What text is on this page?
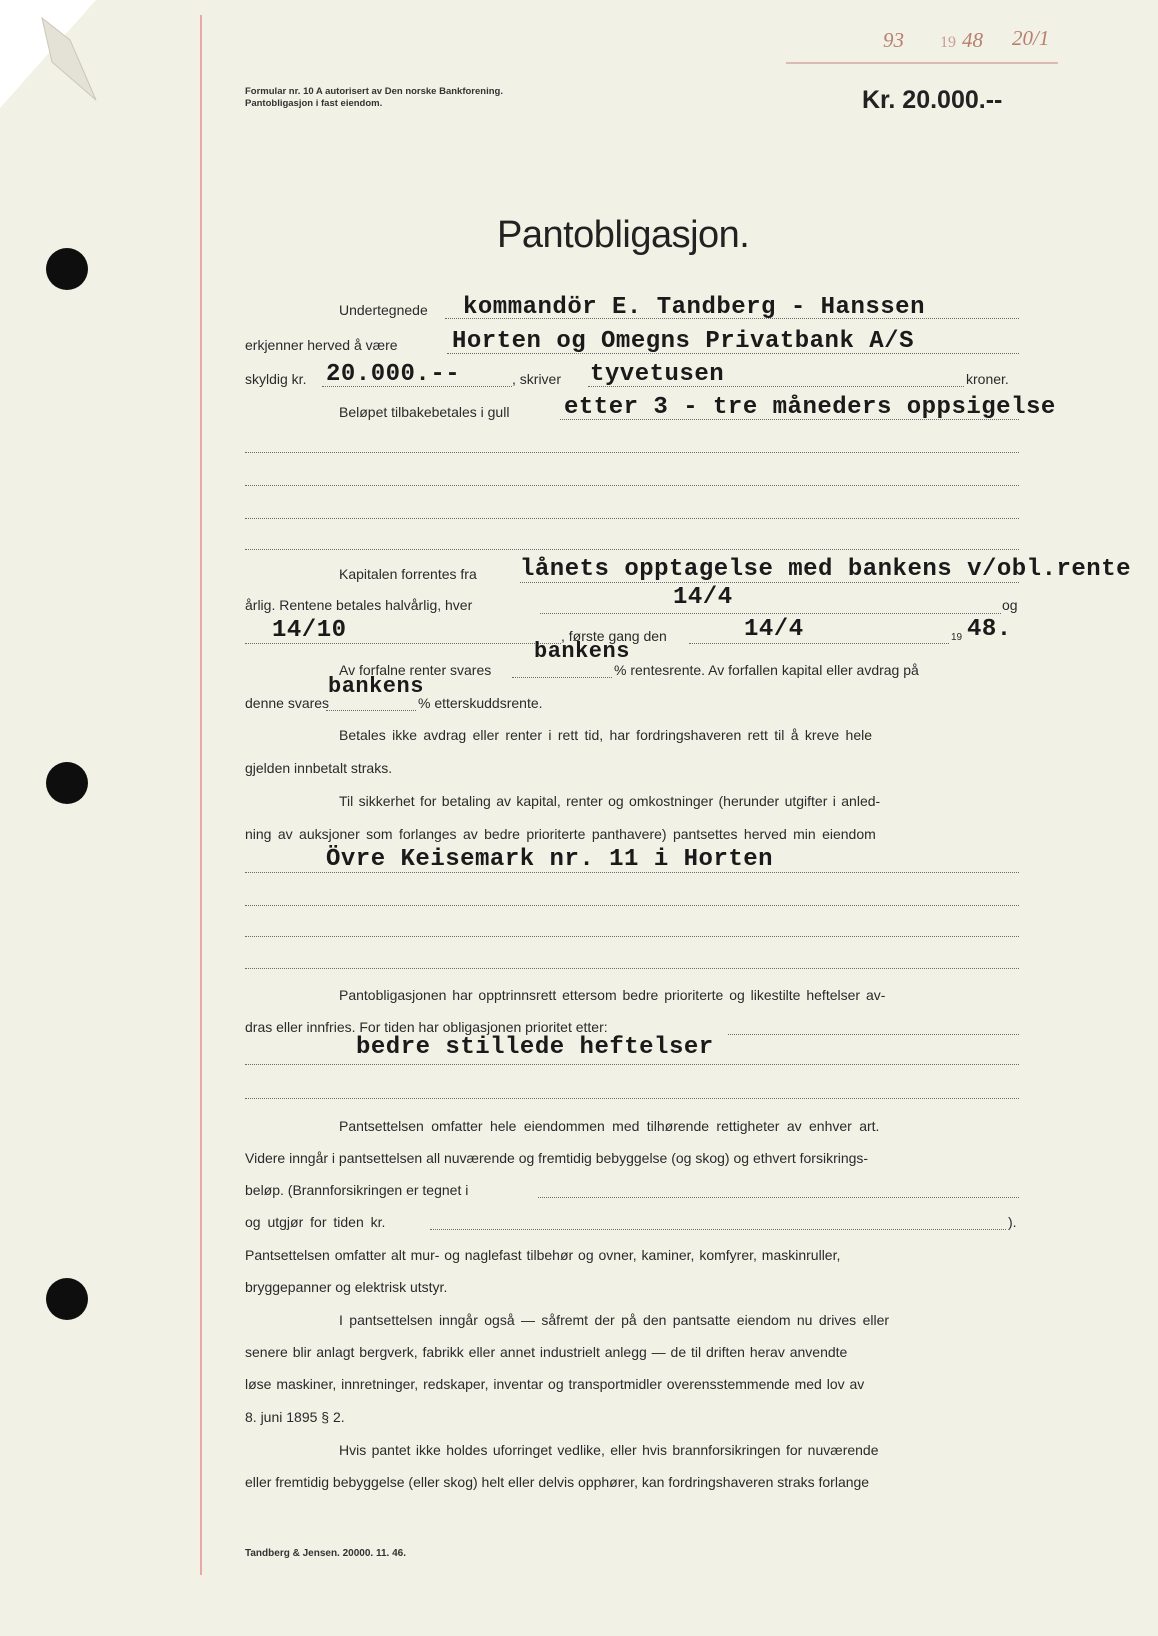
Formular nr. 10 A autorisert av Den norske Bankforening.
Pantobligasjon i fast eiendom.	Kr. 20.000.--
93 19 48 20/1
Pantobligasjon.
Undertegnede kommandör E. Tandberg - Hanssen
erkjenner herved å være Horten og Omegns Privatbank A/S
skyldig kr. 20.000.--	, skriver tyvetusen	kroner.
Beløpet tilbakebetales i gull etter 3 - tre måneders oppsigelse
Kapitalen forrentes fra lånets opptagelse med bankens v/obl.rente
årlig. Rentene betales halvårlig, hver	14/4	og
14/10	, første gang den	14/4	19 48.
bankens
Av forfalne renter svares	% rentesrente. Av forfallen kapital eller avdrag på
bankens
denne svares	% etterskuddsrente.
Betales ikke avdrag eller renter i rett tid, har fordringshaveren rett til å kreve hele
gjelden innbetalt straks.
Til sikkerhet for betaling av kapital, renter og omkostninger (herunder utgifter i anled-
ning av auksjoner som forlanges av bedre prioriterte panthavere) pantsettes herved min eiendom
Övre Keisemark nr. 11 i Horten
Pantobligasjonen har opptrinnsrett ettersom bedre prioriterte og likestilte heftelser av-
dras eller innfries. For tiden har obligasjonen prioritet etter:
bedre stillede heftelser
Pantsettelsen omfatter hele eiendommen med tilhørende rettigheter av enhver art.
Videre inngår i pantsettelsen all nuværende og fremtidig bebyggelse (og skog) og ethvert forsikrings-
beløp. (Brannforsikringen er tegnet i
og utgjør for tiden kr.	).
Pantsettelsen omfatter alt mur- og naglefast tilbehør og ovner, kaminer, komfyrer, maskinruller,
bryggepanner og elektrisk utstyr.
I pantsettelsen inngår også — såfremt der på den pantsatte eiendom nu drives eller
senere blir anlagt bergverk, fabrikk eller annet industrielt anlegg — de til driften herav anvendte
løse maskiner, innretninger, redskaper, inventar og transportmidler overensstemmende med lov av
8. juni 1895 § 2.
Hvis pantet ikke holdes uforringet vedlike, eller hvis brannforsikringen for nuværende
eller fremtidig bebyggelse (eller skog) helt eller delvis opphører, kan fordringshaveren straks forlange
Tandberg & Jensen. 20000. 11. 46.
